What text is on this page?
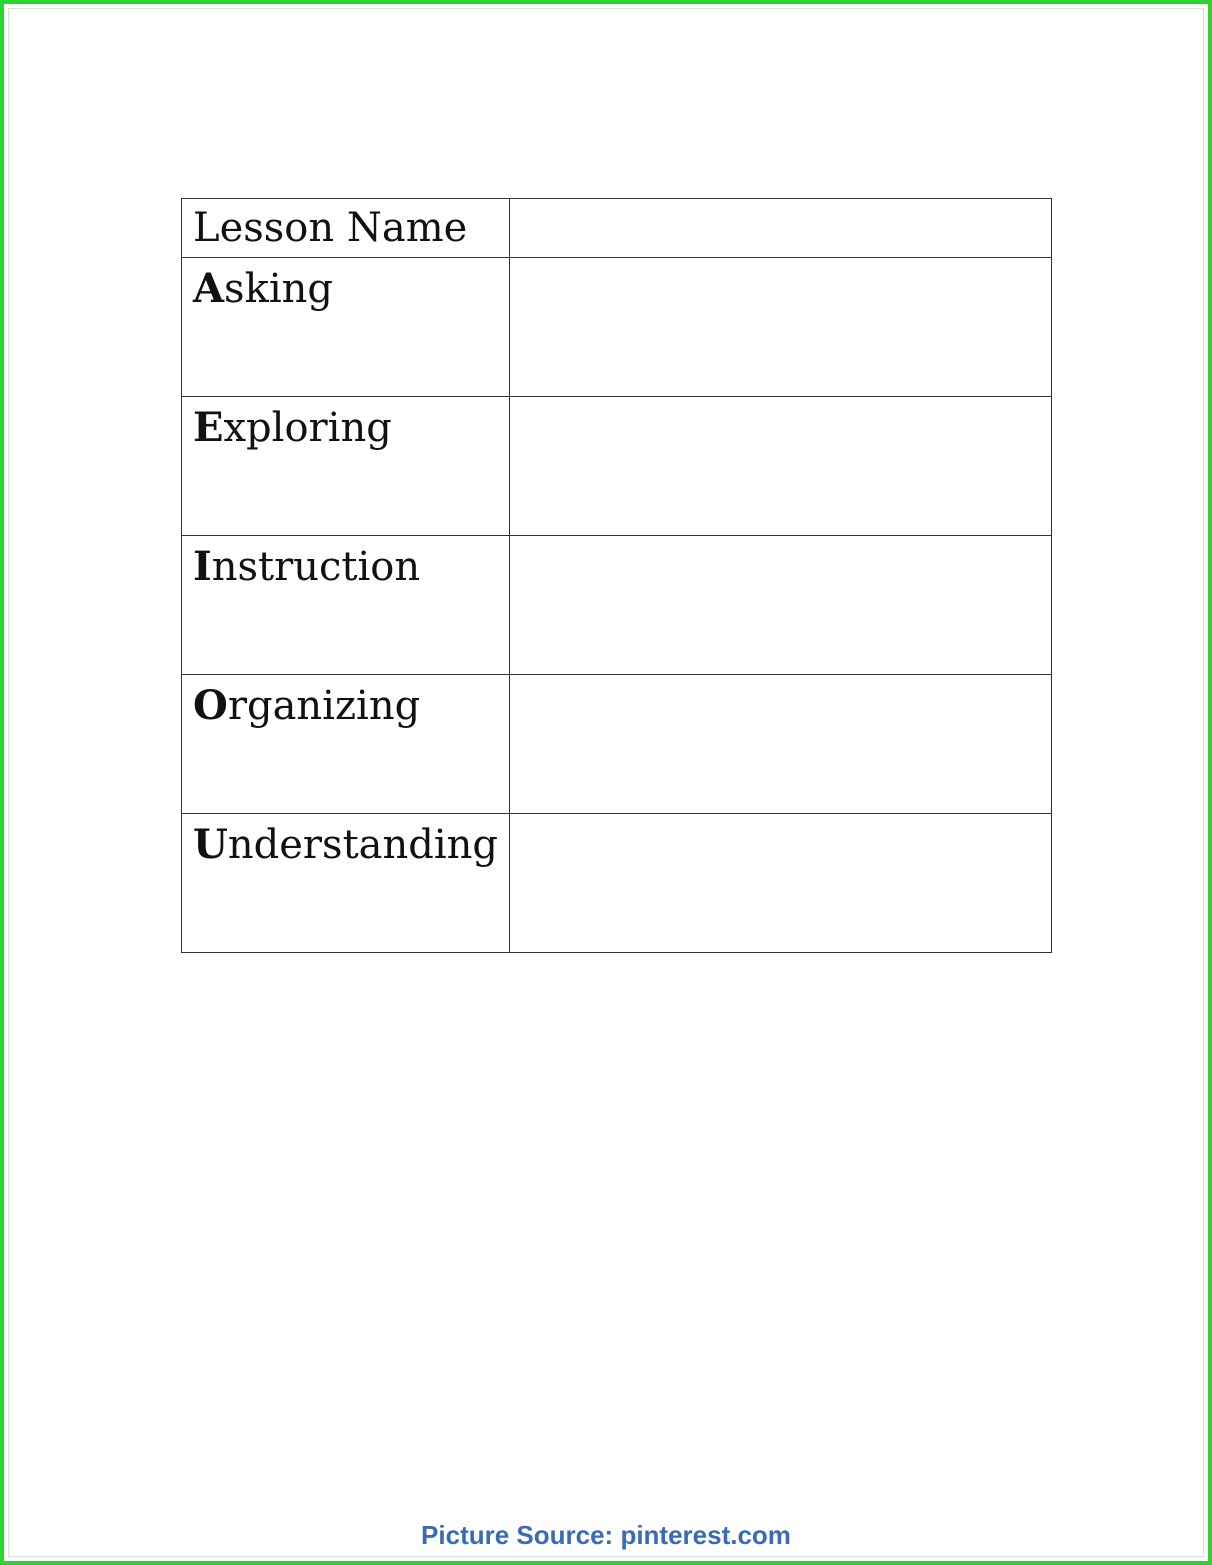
Lesson Name	

Asking	

Exploring	

Instruction	

Organizing	

Understanding	

Picture Source: pinterest.com
